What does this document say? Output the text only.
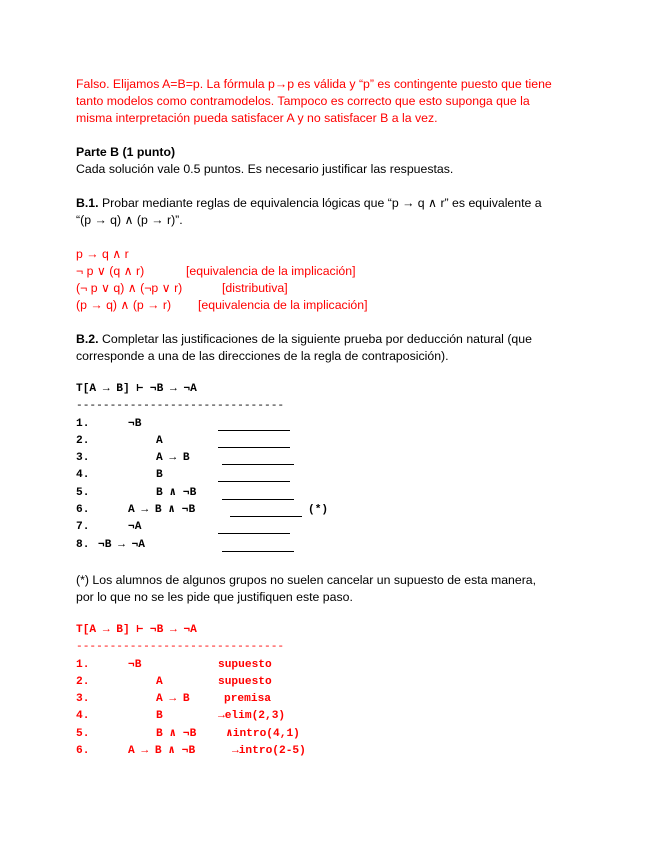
Falso. Elijamos A=B=p. La fórmula p→p es válida y “p” es contingente puesto que tiene

tanto modelos como contramodelos. Tampoco es correcto que esto suponga que la

misma interpretación pueda satisfacer A y no satisfacer B a la vez.

Parte B (1 punto)

Cada solución vale 0.5 puntos. Es necesario justificar las respuestas.

B.1. Probar mediante reglas de equivalencia lógicas que “p → q ∧ r” es equivalente a

“(p → q) ∧ (p → r)”.

p → q ∧ r
¬ p ∨ (q ∧ r)	[equivalencia de la implicación]
(¬ p ∨ q) ∧ (¬p ∨ r)	[distributiva]
(p → q) ∧ (p → r) [equivalencia de la implicación]

B.2. Completar las justificaciones de la siguiente prueba por deducción natural (que

corresponde a una de las direcciones de la regla de contraposición).

T[A → B] ⊢ ¬B → ¬A
-------------------------------
1.	¬B
2.	A
3.	A → B
4.	B
5.	B ∧ ¬B
6.	A → B ∧ ¬B	(*)
7.	¬A
8. ¬B → ¬A

(*) Los alumnos de algunos grupos no suelen cancelar un supuesto de esta manera,

por lo que no se les pide que justifiquen este paso.

T[A → B] ⊢ ¬B → ¬A
-------------------------------
1.	¬B	supuesto
2.	A	supuesto
3.	A → B	premisa
4.	B	→elim(2,3)
5.	B ∧ ¬B	∧intro(4,1)
6.	A → B ∧ ¬B	→intro(2-5)
